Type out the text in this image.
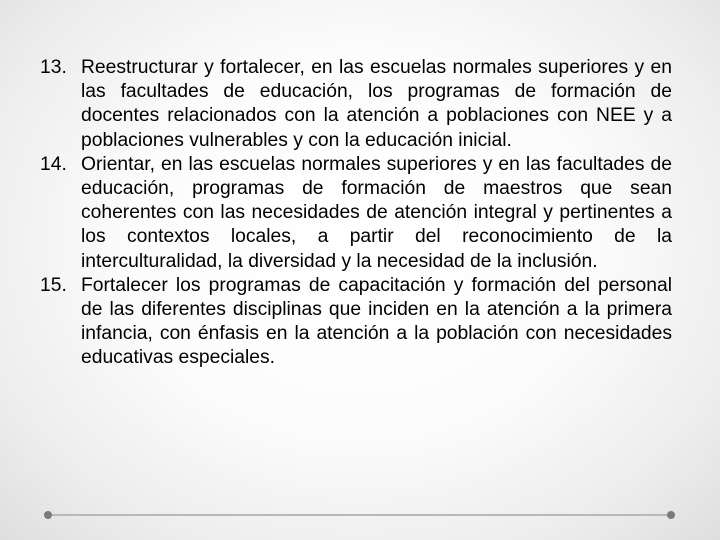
13. Reestructurar y fortalecer, en las escuelas normales superiores y en las facultades de educación, los programas de formación de docentes relacionados con la atención a poblaciones con NEE y a poblaciones vulnerables y con la educación inicial.
14. Orientar, en las escuelas normales superiores y en las facultades de educación, programas de formación de maestros que sean coherentes con las necesidades de atención integral y pertinentes a los contextos locales, a partir del reconocimiento de la interculturalidad, la diversidad y la necesidad de la inclusión.
15. Fortalecer los programas de capacitación y formación del personal de las diferentes disciplinas que inciden en la atención a la primera infancia, con énfasis en la atención a la población con necesidades educativas especiales.
